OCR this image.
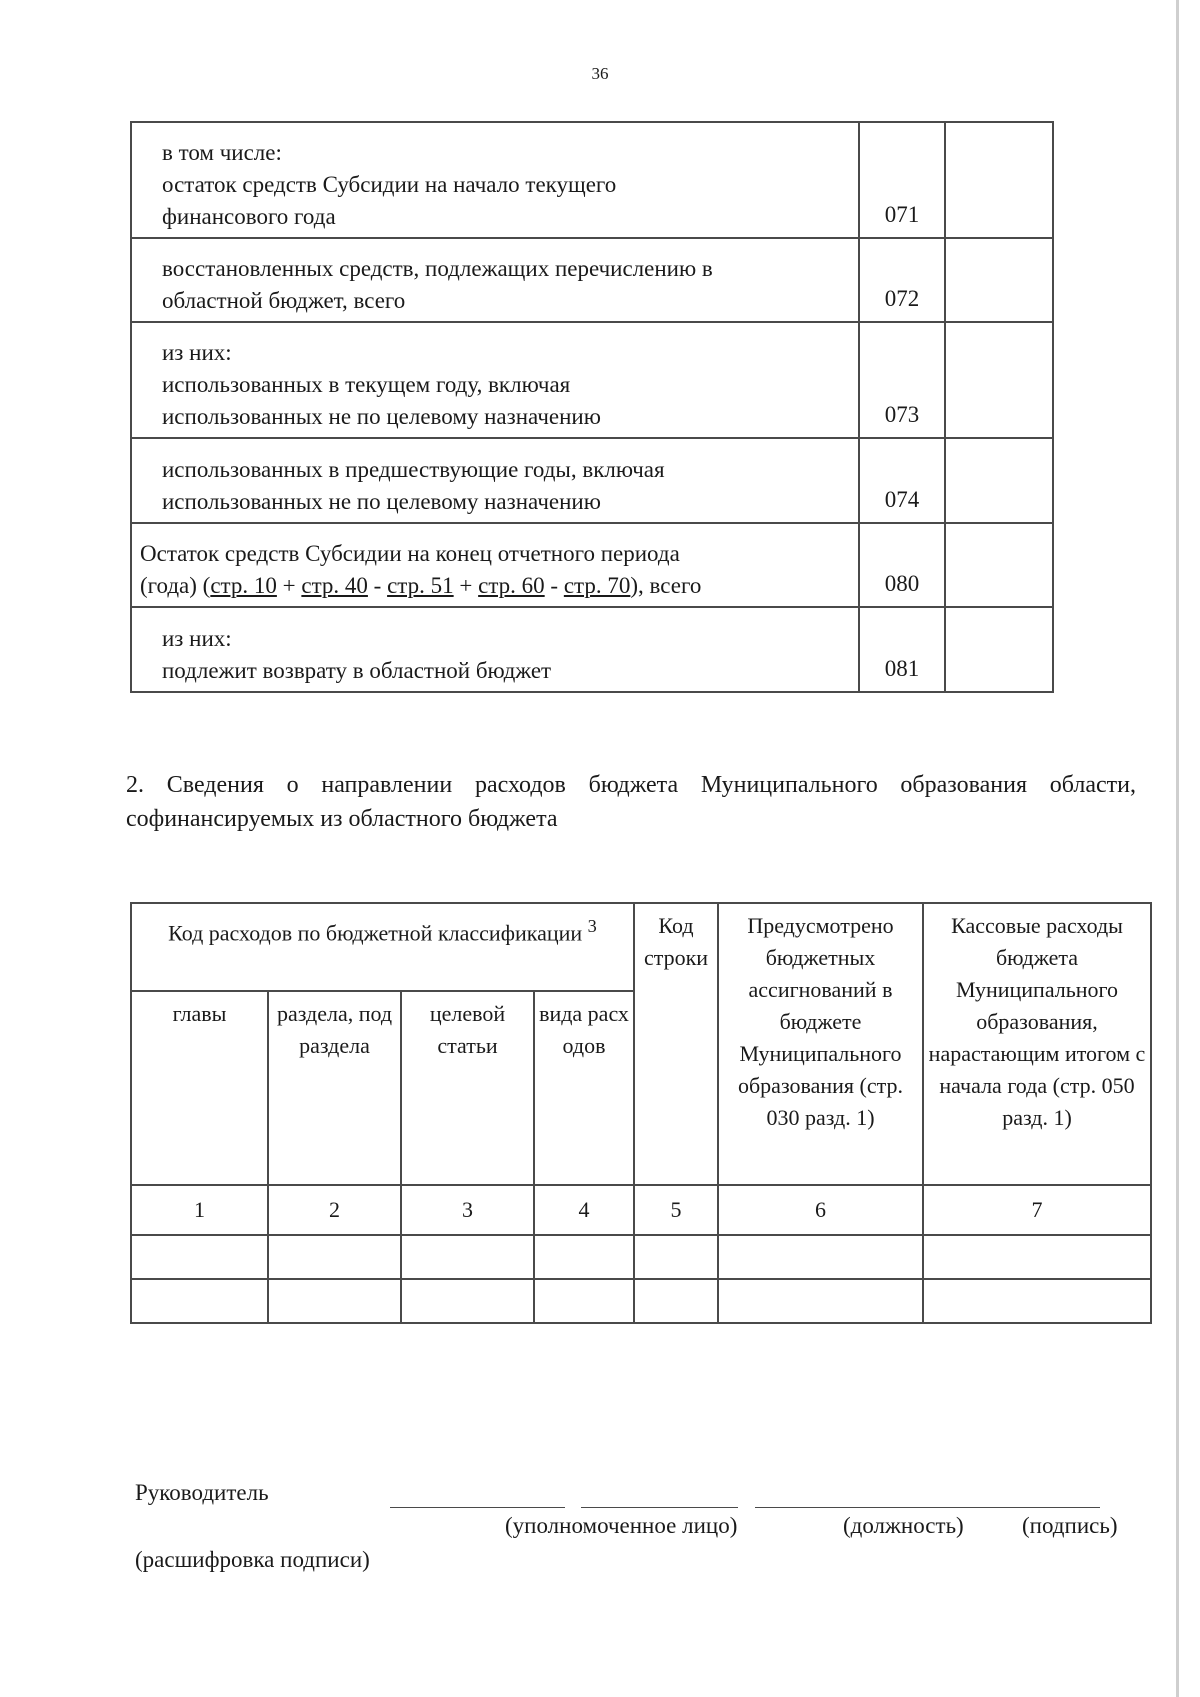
36
в том числе:
остаток средств Субсидии на начало текущего
финансового года	071	

восстановленных средств, подлежащих перечислению в
областной бюджет, всего	072	

из них:
использованных в текущем году, включая
использованных не по целевому назначению	073	

использованных в предшествующие годы, включая
использованных не по целевому назначению	074	

Остаток средств Субсидии на конец отчетного периода
(года) (стр. 10 + стр. 40 - стр. 51 + стр. 60 - стр. 70), всего	080	

из них:
подлежит возврату в областной бюджет	081	
2. Сведения о направлении расходов бюджета Муниципального образования области, софинансируемых из областного бюджета
Код расходов по бюджетной классификации $^3$				Код строки	Предусмотрено бюджетных ассигнований в бюджете Муниципального образования (стр. 030 разд. 1)	Кассовые расходы бюджета Муниципального образования, нарастающим итогом с начала года (стр. 050 разд. 1)
главы	раздела, подраздела	целевой статьи	вида расходов			
1	2	3	4	5	6	7

Руководитель
(уполномоченное лицо)	(должность)	(подпись)
(расшифровка подписи)
